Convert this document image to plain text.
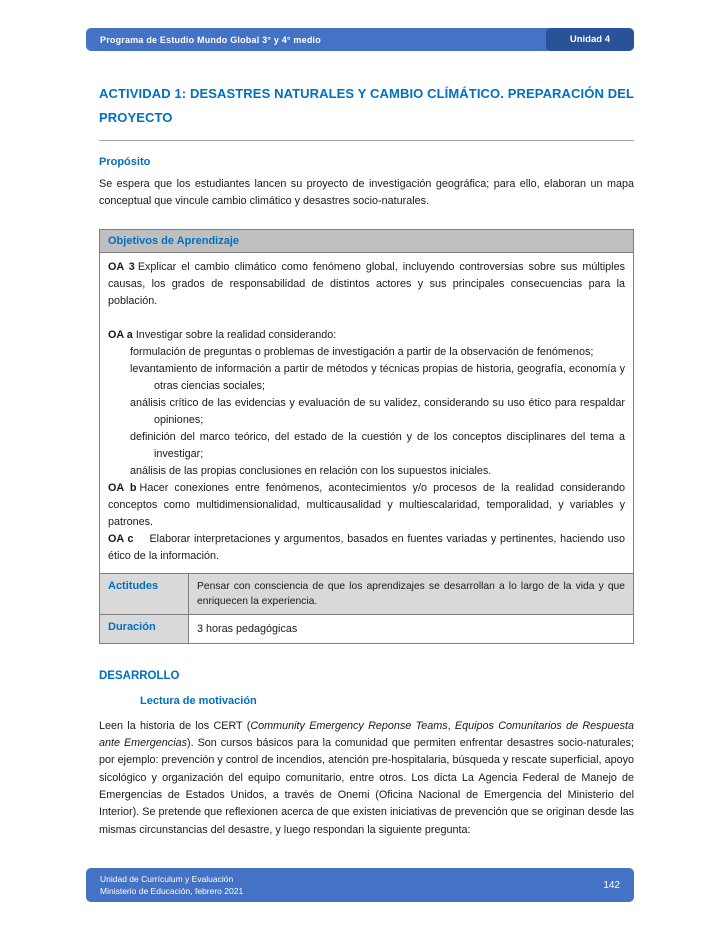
Programa de Estudio Mundo Global 3° y 4° medio	Unidad 4
ACTIVIDAD 1: DESASTRES NATURALES Y CAMBIO CLÍMÁTICO. PREPARACIÓN DEL PROYECTO
Propósito

Se espera que los estudiantes lancen su proyecto de investigación geográfica; para ello, elaboran un mapa conceptual que vincule cambio climático y desastres socio-naturales.

Objetivos de Aprendizaje	

OA 3 Explicar el cambio climático como fenómeno global, incluyendo controversias sobre sus múltiples causas, los grados de responsabilidad de distintos actores y sus principales consecuencias para la población.

OA a Investigar sobre la realidad considerando:

formulación de preguntas o problemas de investigación a partir de la observación de fenómenos;
levantamiento de información a partir de métodos y técnicas propias de historia, geografía, economía y otras ciencias sociales;
análisis crítico de las evidencias y evaluación de su validez, considerando su uso ético para respaldar opiniones;
definición del marco teórico, del estado de la cuestión y de los conceptos disciplinares del tema a investigar;
análisis de las propias conclusiones en relación con los supuestos iniciales.

OA b Hacer conexiones entre fenómenos, acontecimientos y/o procesos de la realidad considerando conceptos como multidimensionalidad, multicausalidad y multiescalaridad, temporalidad, y variables y patrones.

OA c Elaborar interpretaciones y argumentos, basados en fuentes variadas y pertinentes, haciendo uso ético de la información.

Actitudes	Pensar con consciencia de que los aprendizajes se desarrollan a lo largo de la vida y que enriquecen la experiencia.
Duración	3 horas pedagógicas
DESARROLLO
Lectura de motivación

Leen la historia de los CERT (Community Emergency Reponse Teams, Equipos Comunitarios de Respuesta ante Emergencias). Son cursos básicos para la comunidad que permiten enfrentar desastres socio-naturales; por ejemplo: prevención y control de incendios, atención pre-hospitalaria, búsqueda y rescate superficial, apoyo sicológico y organización del equipo comunitario, entre otros. Los dicta La Agencia Federal de Manejo de Emergencias de Estados Unidos, a través de Onemi (Oficina Nacional de Emergencia del Ministerio del Interior). Se pretende que reflexionen acerca de que existen iniciativas de prevención que se originan desde las mismas circunstancias del desastre, y luego respondan la siguiente pregunta:

Unidad de Currículum y Evaluación
Ministerio de Educación, febrero 2021
142
